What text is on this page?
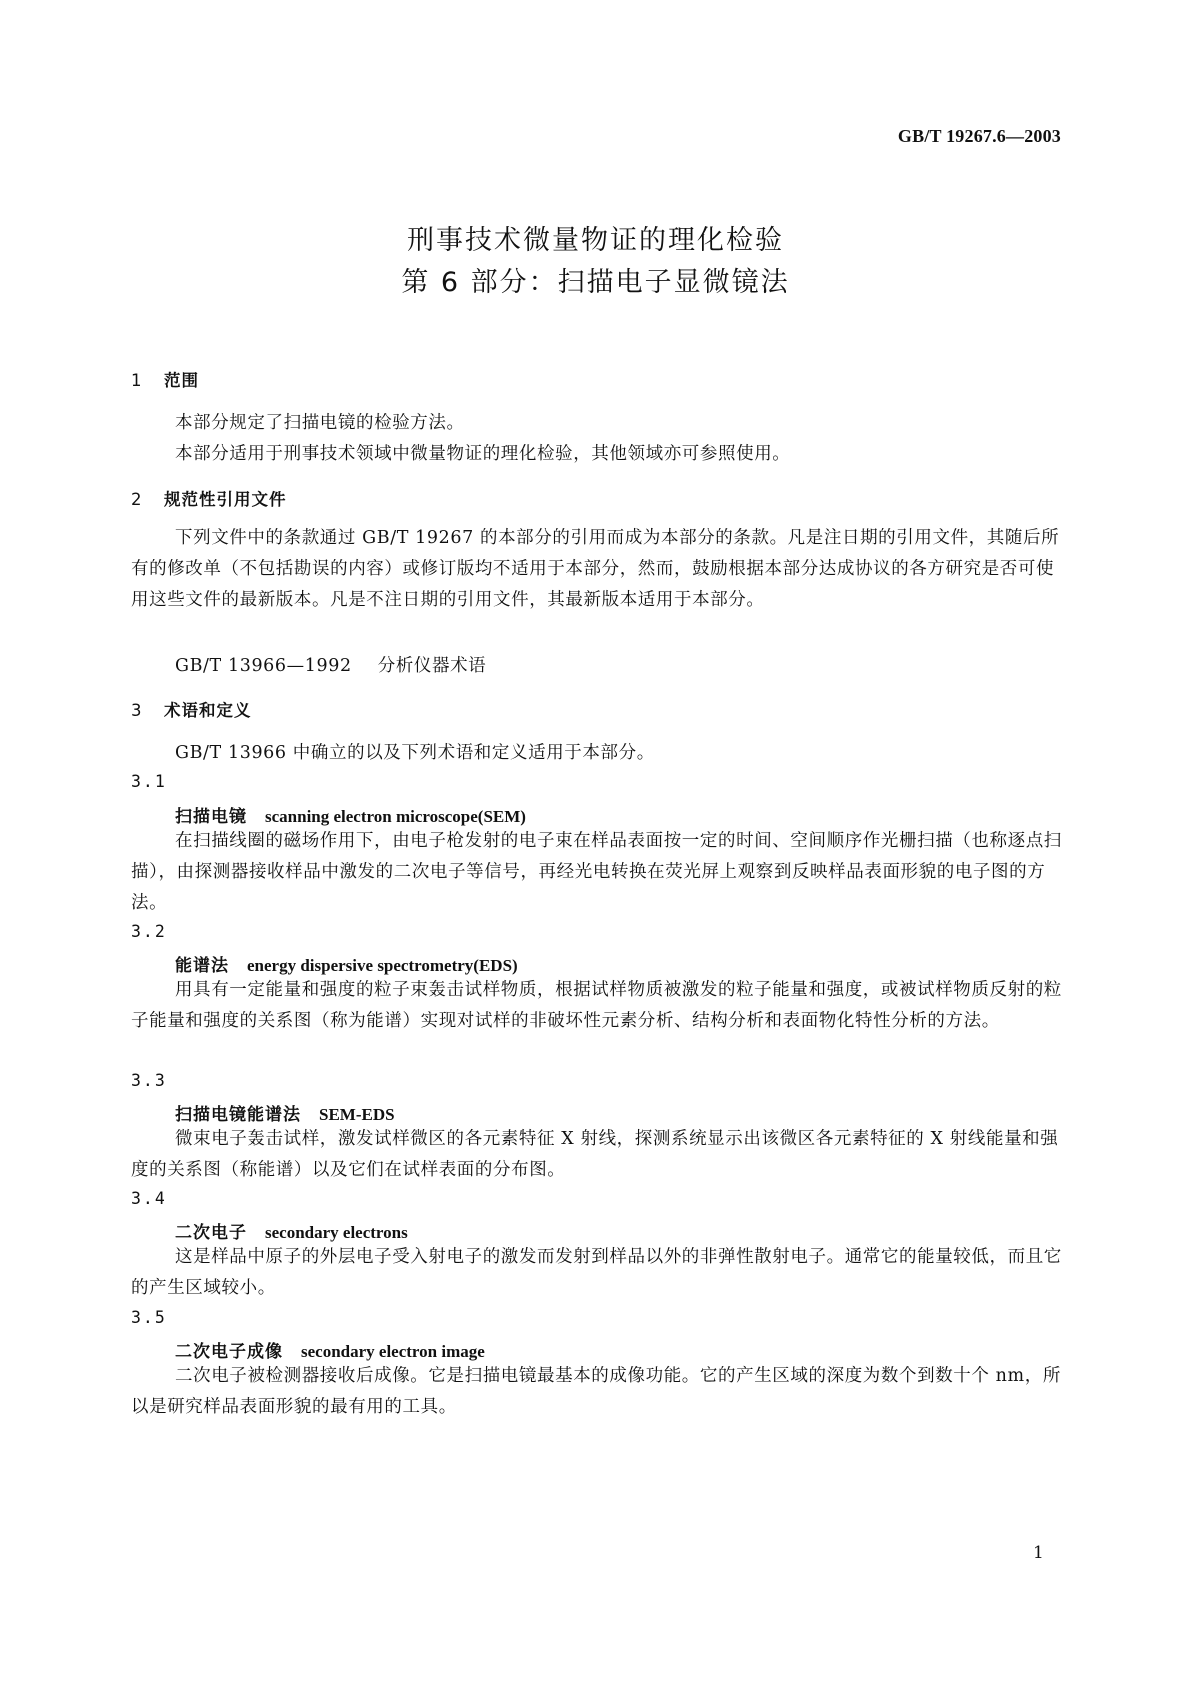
GB/T 19267.6—2003
刑事技术微量物证的理化检验
第 6 部分：扫描电子显微镜法
1 范围
本部分规定了扫描电镜的检验方法。
本部分适用于刑事技术领域中微量物证的理化检验，其他领域亦可参照使用。
2 规范性引用文件
下列文件中的条款通过 GB/T 19267 的本部分的引用而成为本部分的条款。凡是注日期的引用文件，其随后所有的修改单（不包括勘误的内容）或修订版均不适用于本部分，然而，鼓励根据本部分达成协议的各方研究是否可使用这些文件的最新版本。凡是不注日期的引用文件，其最新版本适用于本部分。
GB/T 13966—1992 分析仪器术语
3 术语和定义
GB/T 13966 中确立的以及下列术语和定义适用于本部分。
3.1
扫描电镜 scanning electron microscope(SEM)
在扫描线圈的磁场作用下，由电子枪发射的电子束在样品表面按一定的时间、空间顺序作光栅扫描（也称逐点扫描），由探测器接收样品中激发的二次电子等信号，再经光电转换在荧光屏上观察到反映样品表面形貌的电子图的方法。
3.2
能谱法 energy dispersive spectrometry(EDS)
用具有一定能量和强度的粒子束轰击试样物质，根据试样物质被激发的粒子能量和强度，或被试样物质反射的粒子能量和强度的关系图（称为能谱）实现对试样的非破坏性元素分析、结构分析和表面物化特性分析的方法。
3.3
扫描电镜能谱法 SEM-EDS
微束电子轰击试样，激发试样微区的各元素特征 X 射线，探测系统显示出该微区各元素特征的 X 射线能量和强度的关系图（称能谱）以及它们在试样表面的分布图。
3.4
二次电子 secondary electrons
这是样品中原子的外层电子受入射电子的激发而发射到样品以外的非弹性散射电子。通常它的能量较低，而且它的产生区域较小。
3.5
二次电子成像 secondary electron image
二次电子被检测器接收后成像。它是扫描电镜最基本的成像功能。它的产生区域的深度为数个到数十个 nm，所以是研究样品表面形貌的最有用的工具。
1
